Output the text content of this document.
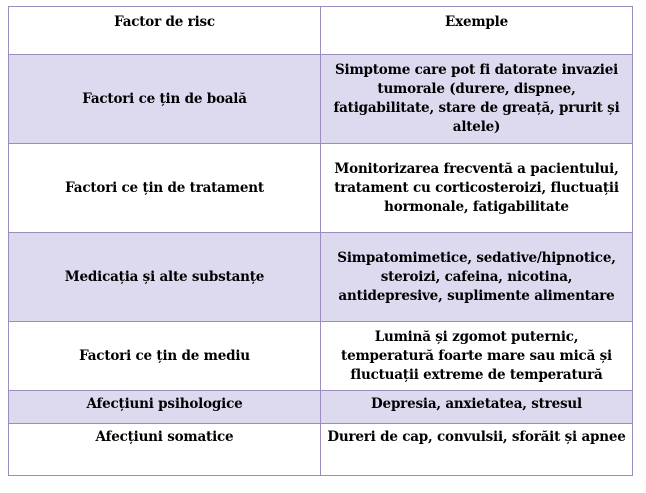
Factor de risc	Exemple
Factori ce țin de boală	Simptome care pot fi datorate invaziei tumorale (durere, dispnee, fatigabilitate, stare de greață, prurit și altele)
Factori ce țin de tratament	Monitorizarea frecventă a pacientului, tratament cu corticosteroizi, fluctuații hormonale, fatigabilitate
Medicația și alte substanțe	Simpatomimetice, sedative/hipnotice, steroizi, cafeina, nicotina, antidepresive, suplimente alimentare
Factori ce țin de mediu	Lumină și zgomot puternic, temperatură foarte mare sau mică și fluctuații extreme de temperatură
Afecțiuni psihologice	Depresia, anxietatea, stresul
Afecțiuni somatice	Dureri de cap, convulsii, sforăit și apnee
